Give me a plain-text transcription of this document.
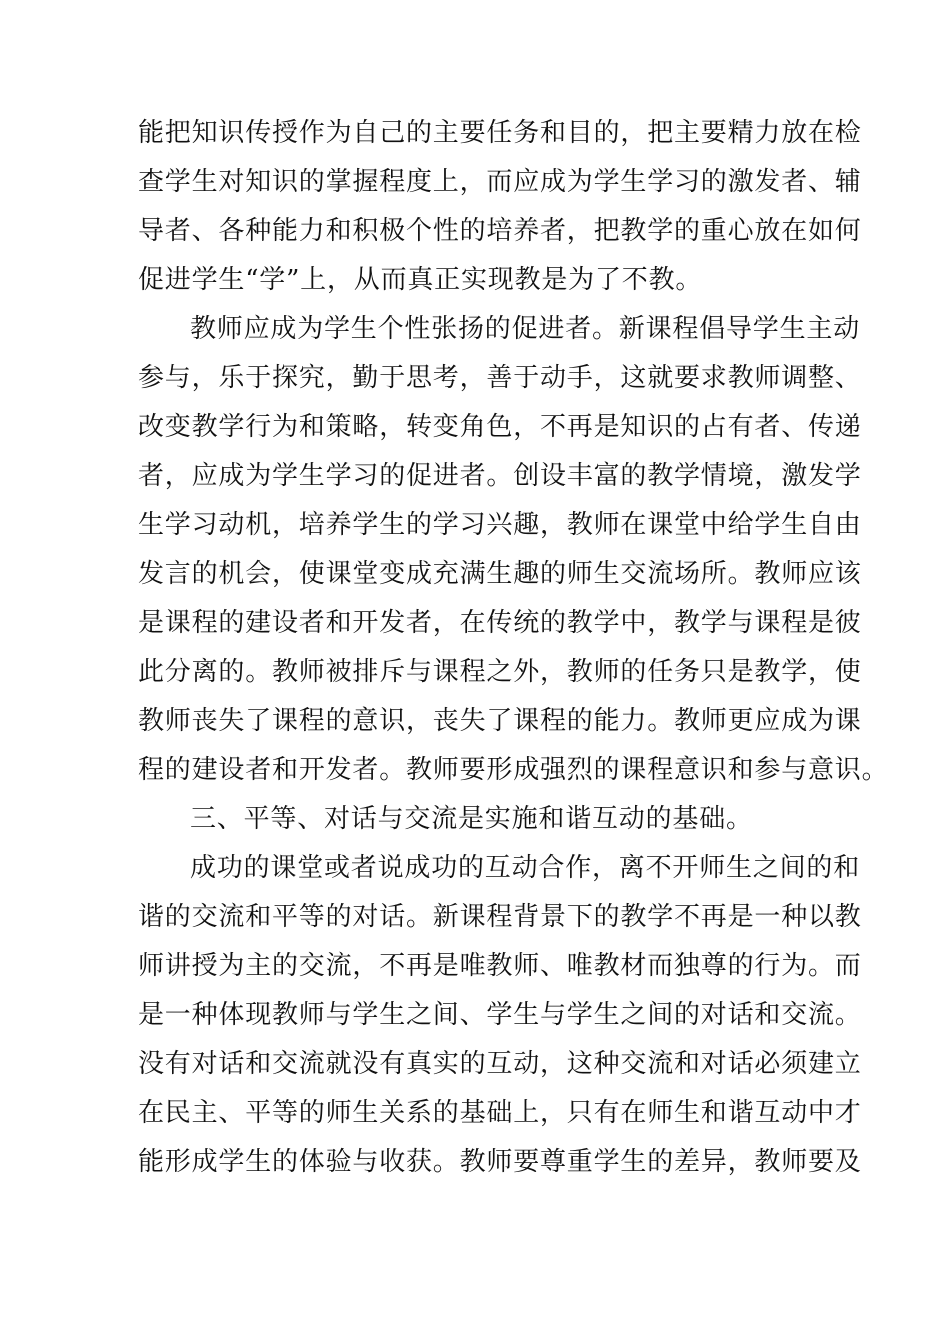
能把知识传授作为自己的主要任务和目的，把主要精力放在检
查学生对知识的掌握程度上，而应成为学生学习的激发者、辅
导者、各种能力和积极个性的培养者，把教学的重心放在如何
促进学生“学”上，从而真正实现教是为了不教。
教师应成为学生个性张扬的促进者。新课程倡导学生主动
参与，乐于探究，勤于思考，善于动手，这就要求教师调整、
改变教学行为和策略，转变角色，不再是知识的占有者、传递
者，应成为学生学习的促进者。创设丰富的教学情境，激发学
生学习动机，培养学生的学习兴趣，教师在课堂中给学生自由
发言的机会，使课堂变成充满生趣的师生交流场所。教师应该
是课程的建设者和开发者，在传统的教学中，教学与课程是彼
此分离的。教师被排斥与课程之外，教师的任务只是教学，使
教师丧失了课程的意识，丧失了课程的能力。教师更应成为课
程的建设者和开发者。教师要形成强烈的课程意识和参与意识。
三、平等、对话与交流是实施和谐互动的基础。
成功的课堂或者说成功的互动合作，离不开师生之间的和
谐的交流和平等的对话。新课程背景下的教学不再是一种以教
师讲授为主的交流，不再是唯教师、唯教材而独尊的行为。而
是一种体现教师与学生之间、学生与学生之间的对话和交流。
没有对话和交流就没有真实的互动，这种交流和对话必须建立
在民主、平等的师生关系的基础上，只有在师生和谐互动中才
能形成学生的体验与收获。教师要尊重学生的差异，教师要及
